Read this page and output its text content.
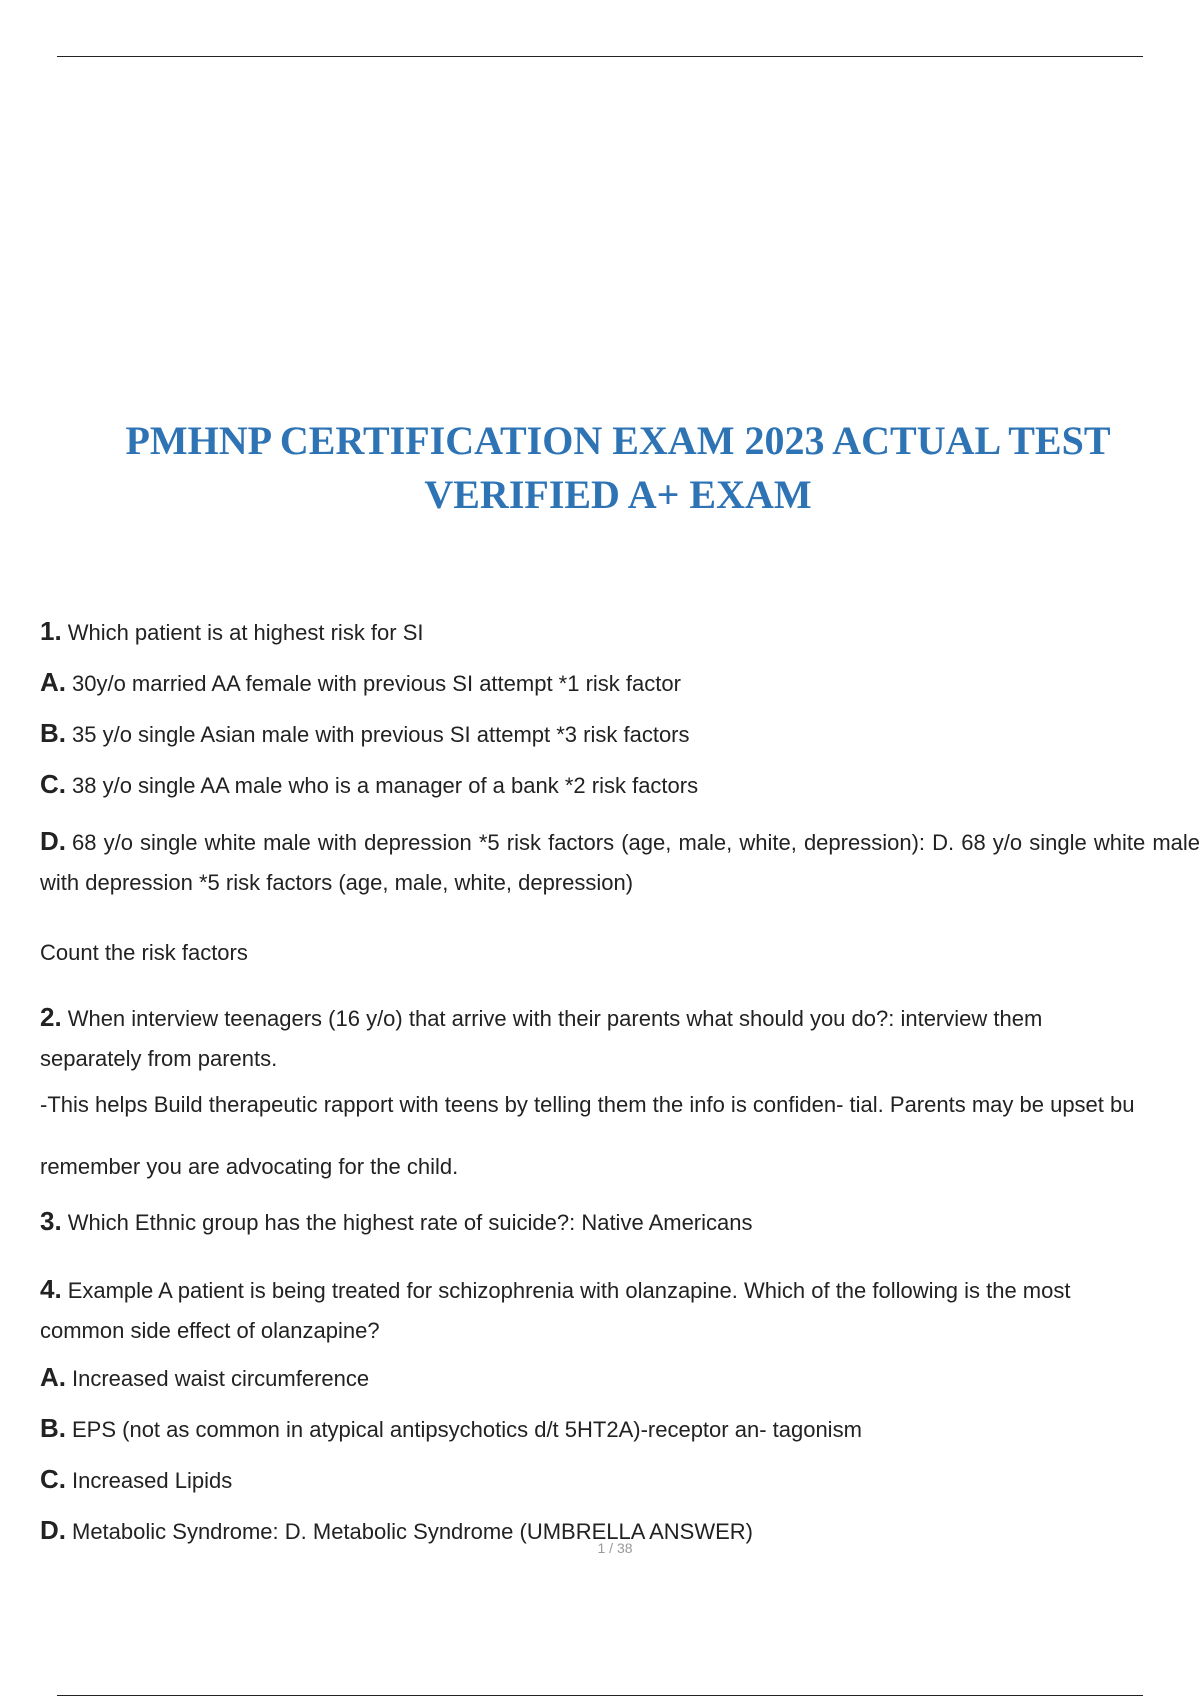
PMHNP CERTIFICATION EXAM 2023 ACTUAL TEST
VERIFIED A+ EXAM

1. Which patient is at highest risk for SI

A. 30y/o married AA female with previous SI attempt *1 risk factor

B. 35 y/o single Asian male with previous SI attempt *3 risk factors

C. 38 y/o single AA male who is a manager of a bank *2 risk factors

D. 68 y/o single white male with depression *5 risk factors (age, male, white, depression): D. 68 y/o single white male with depression *5 risk factors (age, male, white, depression)

Count the risk factors

2. When interview teenagers (16 y/o) that arrive with their parents what should you do?: interview them separately from parents.

-This helps Build therapeutic rapport with teens by telling them the info is confiden- tial. Parents may be upset bu

remember you are advocating for the child.

3. Which Ethnic group has the highest rate of suicide?: Native Americans

4. Example A patient is being treated for schizophrenia with olanzapine. Which of the following is the most common side effect of olanzapine?

A. Increased waist circumference

B. EPS (not as common in atypical antipsychotics d/t 5HT2A)-receptor an- tagonism

C. Increased Lipids

D. Metabolic Syndrome: D. Metabolic Syndrome (UMBRELLA ANSWER)

1 / 38
